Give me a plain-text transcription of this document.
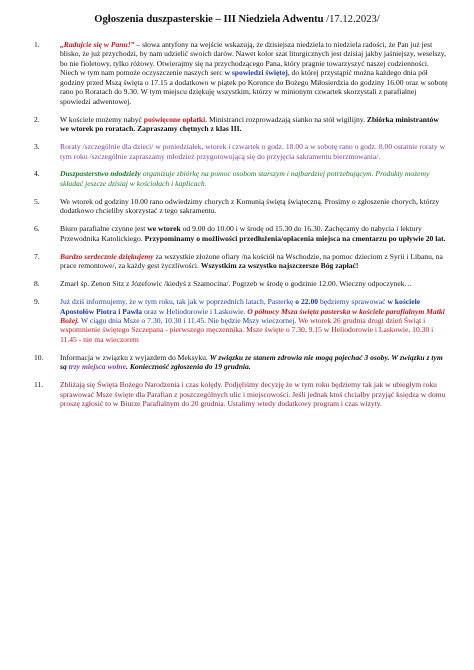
Ogłoszenia duszpasterskie – III Niedziela Adwentu /17.12.2023/
1.	„Radujcie się w Panu!” – słowa antyfony na wejście wskazują, że dzisiejsza niedziela to niedziela radości, że Pan już jest blisko, że już przychodzi, by nam udzielić swoich darów. Nawet kolor szat liturgicznych jest dzisiaj jakby jaśniejszy, weselszy, bo nie fioletowy, tylko różowy. Otwierajmy się na przychodzącego Pana, który pragnie towarzyszyć naszej codzienności. Niech w tym nam pomoże oczyszczenie naszych serc w spowiedzi świętej, do której przystąpić można każdego dnia pół godziny przed Mszą święta o 17.15 a dodatkowo w piątek po Koronce do Bożego Miłosierdzia do godziny 16.00 oraz w sobotę rano po Roratach do 9.30. W tym miejscu dziękuję wszystkim, którzy w minionym czwartek skorzystali z parafialnej spowiedzi adwentowej.
2.	W kościele możemy nabyć poświęcone opłatki. Ministranci rozprowadzają sianko na stół wigilijny. Zbiórka ministrantów we wtorek po roratach. Zapraszamy chętnych z klas III.
3.	Roraty /szczególnie dla dzieci/ w poniedziałek, wtorek i czwartek o godz. 18.00 a w sobotę rano o godz. 8.00 ostatnie roraty w tym roku /szczególnie zapraszamy młodzież przygotowującą się do przyjęcia sakramentu bierzmowania/.
4.	Duszpasterstwo młodzieży organizuje zbiórkę na pomoc osobom starszym i najbardziej potrzebującym. Produkty możemy składać jeszcze dzisiaj w kościołach i kaplicach.
5.	We wtorek od godziny 10.00 rano odwiedzimy chorych z Komunią świętą świąteczną. Prosimy o zgłoszenie chorych, którzy dodatkowo chcieliby skorzystać z tego sakramentu.
6.	Biuro parafialne czynne jest we wtorek od 9.00 do 10.00 i w środę od 15.30 do 16.30. Zachęcamy do nabycia i lektury Przewodnika Katolickiego. Przypominamy o możliwości przedłużenia/opłacenia miejsca na cmentarzu po upływie 20 lat.
7.	Bardzo serdecznie dziękujemy za wszystkie złożone ofiary /na kościół na Wschodzie, na pomoc dzieciom z Syrii i Libanu, na prace remontowe/, za każdy gest życzliwości. Wszystkim za wszystko najszczersze Bóg zapłać!
8.	Zmarł śp. Zenon Sitz z Józefowic /kiedyś z Szamocina/. Pogrzeb w środę o godzinie 12.00. Wieczny odpoczynek…
9.	Już dziś informujemy, że w tym roku, tak jak w poprzednich latach, Pasterkę o 22.00 będziemy sprawować w kościele Apostołów Piotra i Pawła oraz w Heliodorowie i Laskowie. O północy Msza święta pasterska w kościele parafialnym Matki Bożej. W ciągu dnia Msze o 7.30, 10.30 i 11.45. Nie będzie Mszy wieczornej. We wtorek 26 grudnia drugi dzień Świąt i wspomnienie świętego Szczepana - pierwszego męczennika. Msze święte o 7.30, 9.15 w Heliodorowie i Laskowie, 10.30 i 11.45 - nie ma wieczorem
10. Informacja w związku z wyjazdem do Meksyku. W związku ze stanem zdrowia nie mogą pojechać 3 osoby. W związku z tym są trzy miejsca wolne. Konieczność zgłoszenia do 19 grudnia.
11. Zbliżają się Święta Bożego Narodzenia i czas kolędy. Podjęliśmy decyzję że w tym roku będziemy tak jak w ubiegłym roku sprawować Msze święte dla Parafian z poszczególnych ulic i miejscowości. Jeśli jednak ktoś chciałby przyjąć księdza w domu proszę zgłosić to w Biurze Parafialnym do 20 grudnia. Ustalimy wtedy dodatkowy program i czas wizyty.
